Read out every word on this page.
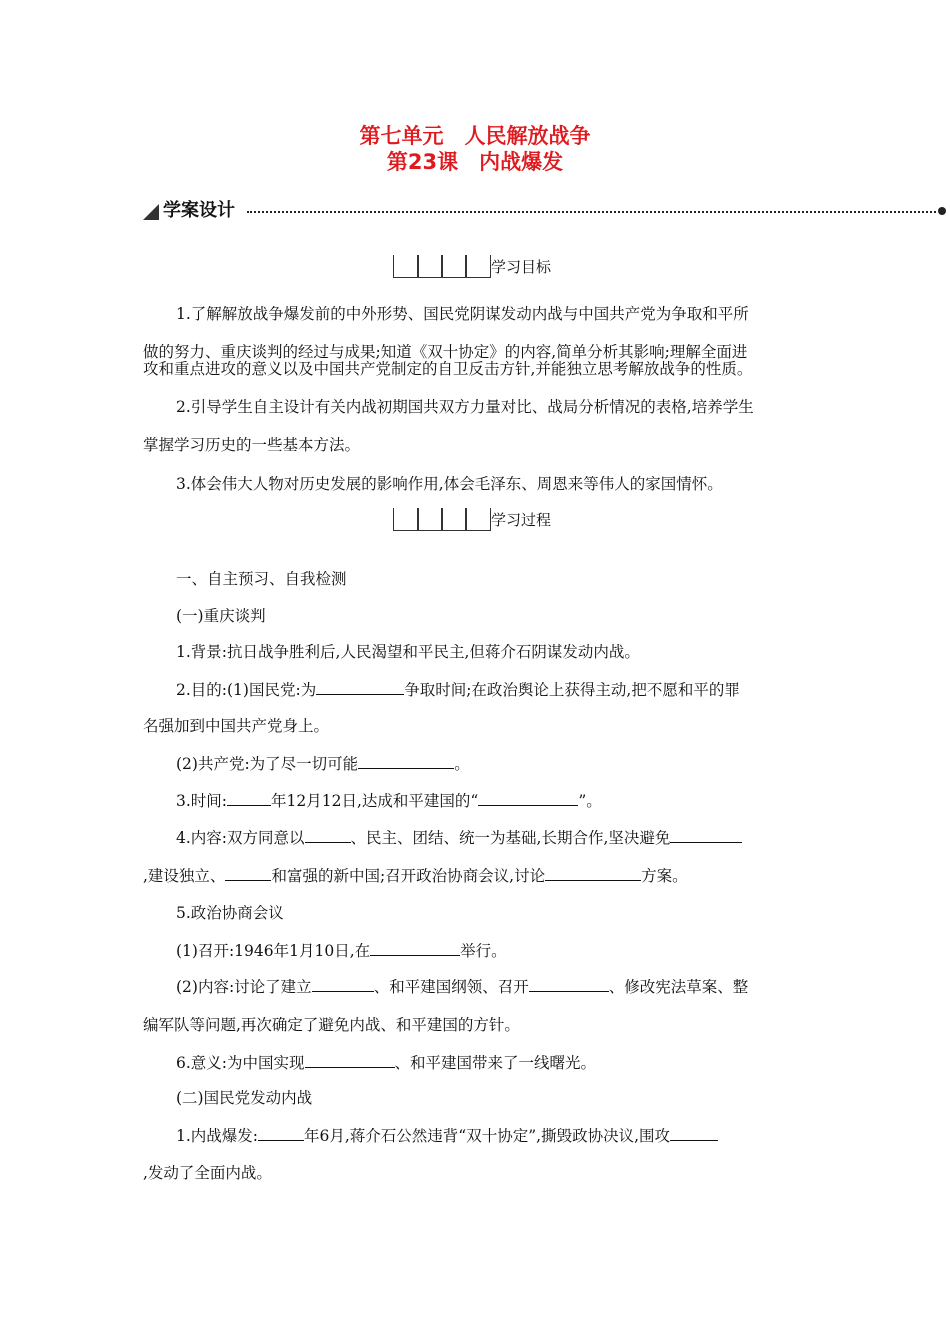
第七单元　人民解放战争
第23课　内战爆发
学案设计
学习目标
1.了解解放战争爆发前的中外形势、国民党阴谋发动内战与中国共产党为争取和平所
做的努力、重庆谈判的经过与成果;知道《双十协定》的内容,简单分析其影响;理解全面进
攻和重点进攻的意义以及中国共产党制定的自卫反击方针,并能独立思考解放战争的性质。
2.引导学生自主设计有关内战初期国共双方力量对比、战局分析情况的表格,培养学生
掌握学习历史的一些基本方法。
3.体会伟大人物对历史发展的影响作用,体会毛泽东、周恩来等伟人的家国情怀。
学习过程
一、自主预习、自我检测
(一)重庆谈判
1.背景:抗日战争胜利后,人民渴望和平民主,但蒋介石阴谋发动内战。
2.目的:(1)国民党:为	争取时间;在政治舆论上获得主动,把不愿和平的罪
名强加到中国共产党身上。
(2)共产党:为了尽一切可能	。
3.时间:	年12月12日,达成和平建国的“	”。
4.内容:双方同意以	、民主、团结、统一为基础,长期合作,坚决避免
,建设独立、	和富强的新中国;召开政治协商会议,讨论	方案。
5.政治协商会议
(1)召开:1946年1月10日,在	举行。
(2)内容:讨论了建立	、和平建国纲领、召开	、修改宪法草案、整
编军队等问题,再次确定了避免内战、和平建国的方针。
6.意义:为中国实现	、和平建国带来了一线曙光。
(二)国民党发动内战
1.内战爆发:	年6月,蒋介石公然违背“双十协定”,撕毁政协决议,围攻
,发动了全面内战。
